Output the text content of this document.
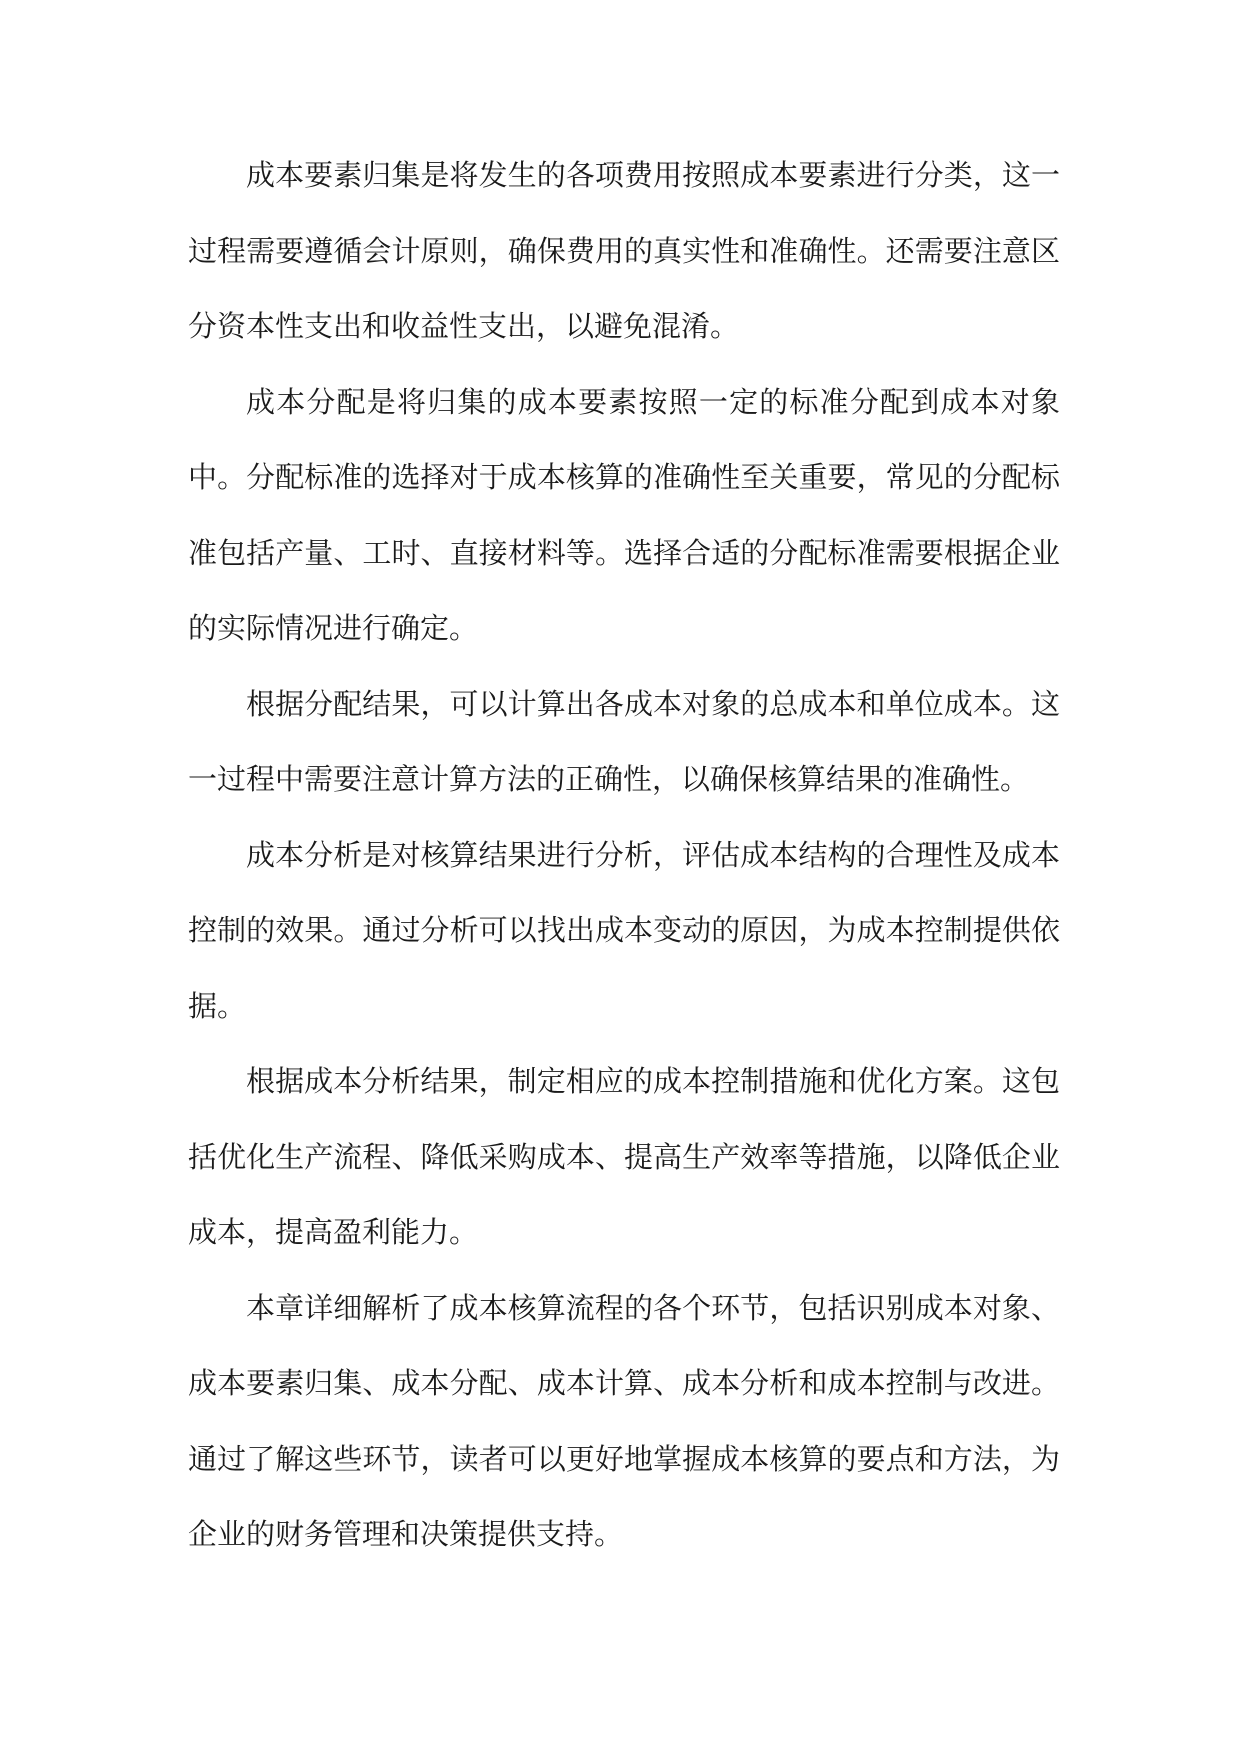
成本要素归集是将发生的各项费用按照成本要素进行分类，这一过程需要遵循会计原则，确保费用的真实性和准确性。还需要注意区分资本性支出和收益性支出，以避免混淆。

成本分配是将归集的成本要素按照一定的标准分配到成本对象中。分配标准的选择对于成本核算的准确性至关重要，常见的分配标准包括产量、工时、直接材料等。选择合适的分配标准需要根据企业的实际情况进行确定。

根据分配结果，可以计算出各成本对象的总成本和单位成本。这一过程中需要注意计算方法的正确性，以确保核算结果的准确性。

成本分析是对核算结果进行分析，评估成本结构的合理性及成本控制的效果。通过分析可以找出成本变动的原因，为成本控制提供依据。

根据成本分析结果，制定相应的成本控制措施和优化方案。这包括优化生产流程、降低采购成本、提高生产效率等措施，以降低企业成本，提高盈利能力。

本章详细解析了成本核算流程的各个环节，包括识别成本对象、成本要素归集、成本分配、成本计算、成本分析和成本控制与改进。通过了解这些环节，读者可以更好地掌握成本核算的要点和方法，为企业的财务管理和决策提供支持。
